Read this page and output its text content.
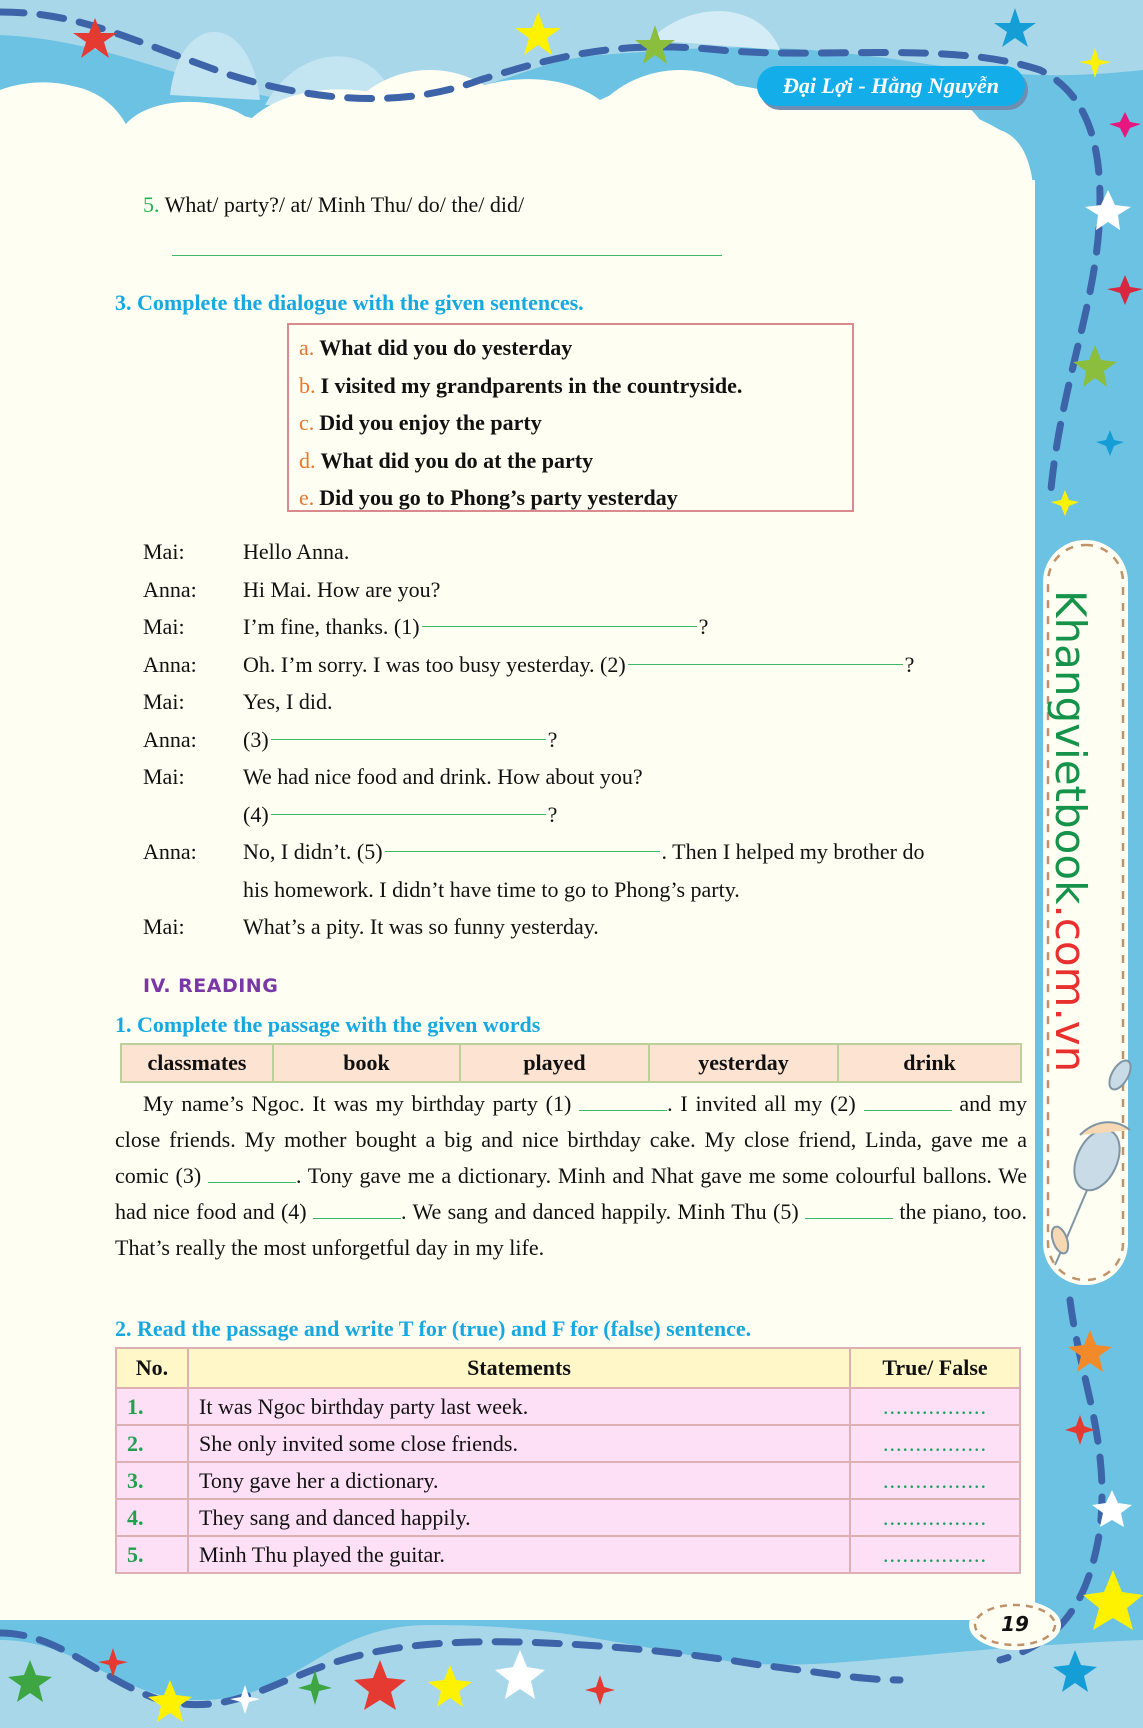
Đại Lợi - Hằng Nguyễn
5. What/ party?/ at/ Minh Thu/ do/ the/ did/
3. Complete the dialogue with the given sentences.
a. What did you do yesterday
b. I visited my grandparents in the countryside.
c. Did you enjoy the party
d. What did you do at the party
e. Did you go to Phong’s party yesterday
Mai:	Hello Anna.
Anna:	Hi Mai. How are you?
Mai:	I’m fine, thanks. (1)	?
Anna:	Oh. I’m sorry. I was too busy yesterday. (2)	?
Mai:	Yes, I did.
Anna:	(3)	?
Mai:	We had nice food and drink. How about you?
(4)	?
Anna:	No, I didn’t. (5)	. Then I helped my brother do
his homework. I didn’t have time to go to Phong’s party.
Mai:	What’s a pity. It was so funny yesterday.
IV. READING
1. Complete the passage with the given words
classmates	book	played	yesterday	drink
My name’s Ngoc. It was my birthday party (1)	. I invited all my (2)	and my close friends. My mother bought a big and nice birthday cake. My close friend, Linda, gave me a comic (3)	. Tony gave me a dictionary. Minh and Nhat gave me some colourful ballons. We had nice food and (4)	. We sang and danced happily. Minh Thu (5)	the piano, too. That’s really the most unforgetful day in my life.
2. Read the passage and write T for (true) and F for (false) sentence.
No.	Statements	True/ False
1.	It was Ngoc birthday party last week.	................
2.	She only invited some close friends.	................
3.	Tony gave her a dictionary.	................
4.	They sang and danced happily.	................
5.	Minh Thu played the guitar.	................
Khangvietbook.com.vn
19
